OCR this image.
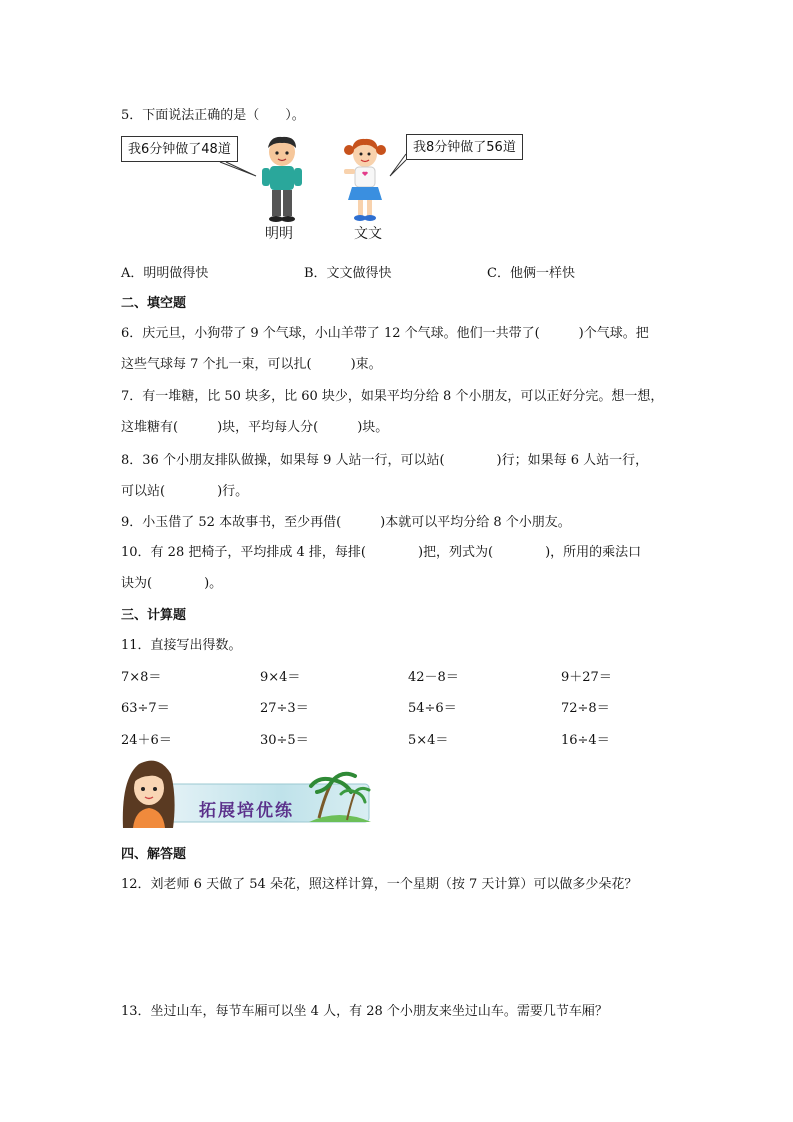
5．下面说法正确的是（　　）。
我6分钟做了48道	我8分钟做了56道
明明	文文
A．明明做得快	B．文文做得快	C．他俩一样快
二、填空题
6．庆元旦，小狗带了 9 个气球，小山羊带了 12 个气球。他们一共带了(　　　)个气球。把
这些气球每 7 个扎一束，可以扎(　　　)束。
7．有一堆糖，比 50 块多，比 60 块少，如果平均分给 8 个小朋友，可以正好分完。想一想，
这堆糖有(　　　)块，平均每人分(　　　)块。
8．36 个小朋友排队做操，如果每 9 人站一行，可以站(　　　　)行；如果每 6 人站一行，
可以站(　　　　)行。
9．小玉借了 52 本故事书，至少再借(　　　)本就可以平均分给 8 个小朋友。
10．有 28 把椅子，平均排成 4 排，每排(　　　　)把，列式为(　　　　)，所用的乘法口
诀为(　　　　)。
三、计算题
11．直接写出得数。
7×8＝	9×4＝	42－8＝	9＋27＝
63÷7＝	27÷3＝	54÷6＝	72÷8＝
24＋6＝	30÷5＝	5×4＝	16÷4＝
拓展培优练
四、解答题
12．刘老师 6 天做了 54 朵花，照这样计算，一个星期（按 7 天计算）可以做多少朵花？
13．坐过山车，每节车厢可以坐 4 人，有 28 个小朋友来坐过山车。需要几节车厢？
